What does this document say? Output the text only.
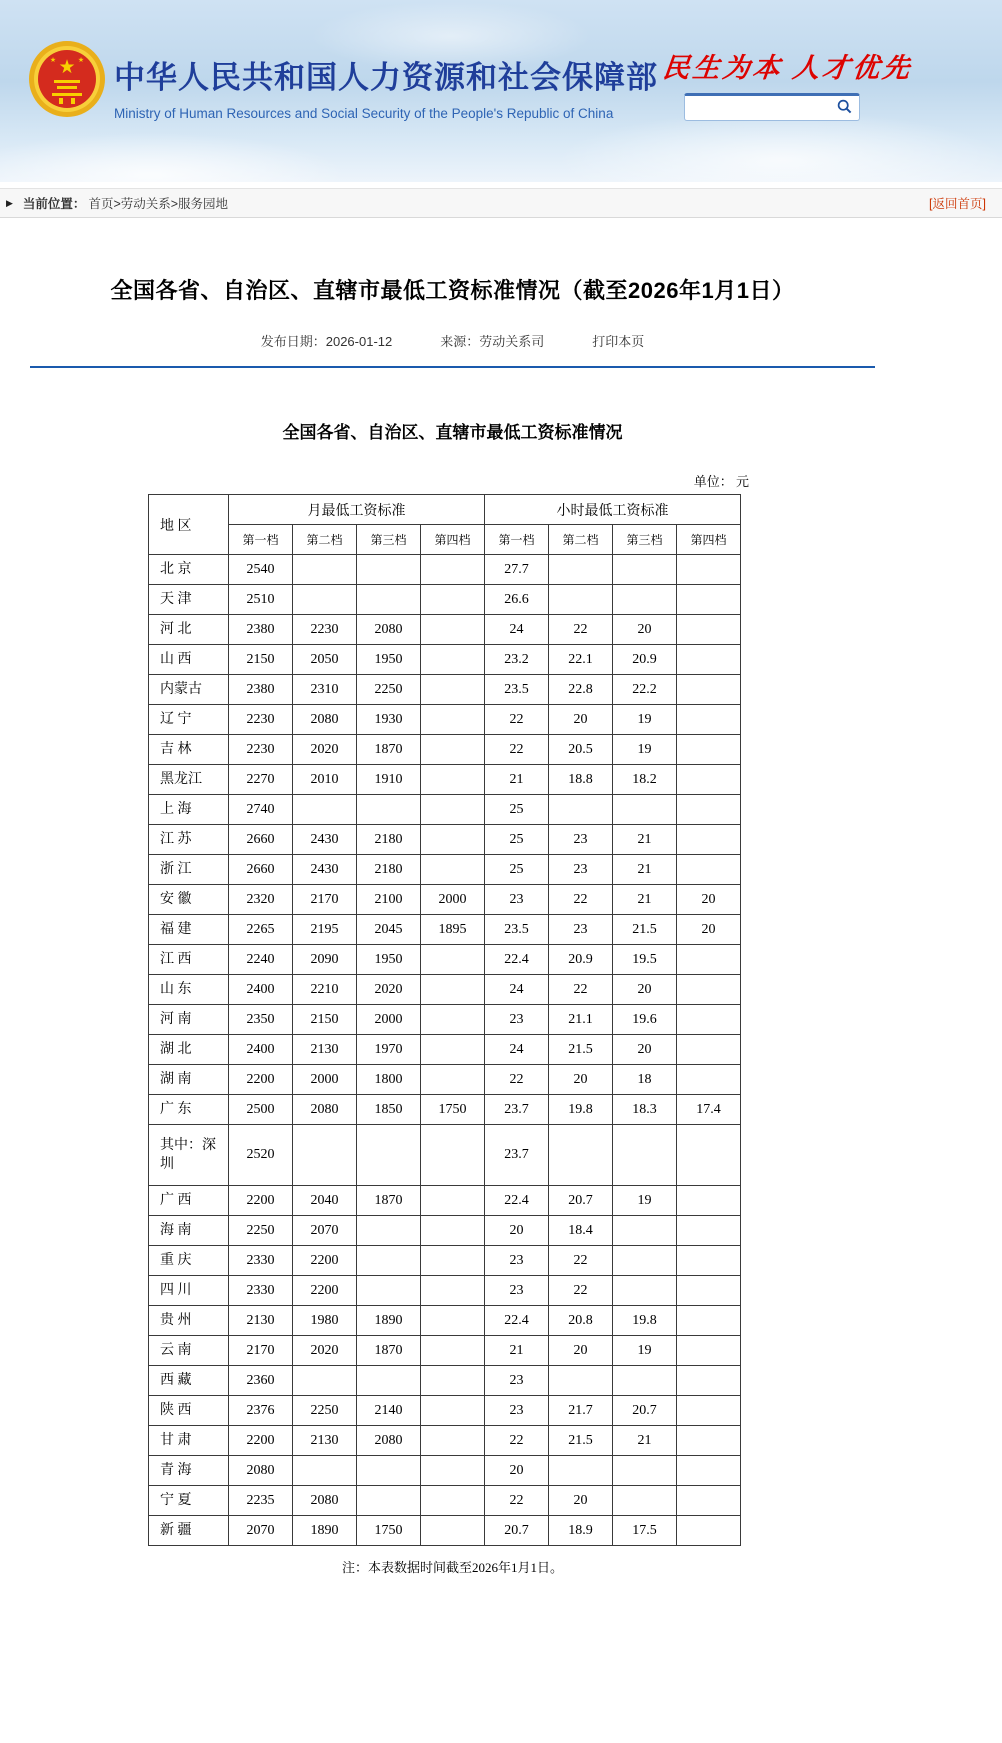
★
★	★ 中华人民共和国人力资源和社会保障部
Ministry of Human Resources and Social Security of the People's Republic of China
民生为本 人才优先
▶ 当前位置： 首页>劳动关系>服务园地	[返回首页]
全国各省、自治区、直辖市最低工资标准情况（截至2026年1月1日）
发布日期：2026-01-12	来源：劳动关系司	打印本页
全国各省、自治区、直辖市最低工资标准情况
单位： 元
地 区	月最低工资标准				小时最低工资标准			
	第一档	第二档	第三档	第四档	第一档	第二档	第三档	第四档
北 京	2540				27.7			
天 津	2510				26.6			
河 北	2380	2230	2080		24	22	20	
山 西	2150	2050	1950		23.2	22.1	20.9	
内蒙古	2380	2310	2250		23.5	22.8	22.2	
辽 宁	2230	2080	1930		22	20	19	
吉 林	2230	2020	1870		22	20.5	19	
黑龙江	2270	2010	1910		21	18.8	18.2	
上 海	2740				25			
江 苏	2660	2430	2180		25	23	21	
浙 江	2660	2430	2180		25	23	21	
安 徽	2320	2170	2100	2000	23	22	21	20
福 建	2265	2195	2045	1895	23.5	23	21.5	20
江 西	2240	2090	1950		22.4	20.9	19.5	
山 东	2400	2210	2020		24	22	20	
河 南	2350	2150	2000		23	21.1	19.6	
湖 北	2400	2130	1970		24	21.5	20	
湖 南	2200	2000	1800		22	20	18	
广 东	2500	2080	1850	1750	23.7	19.8	18.3	17.4
其中：深圳	2520				23.7			
广 西	2200	2040	1870		22.4	20.7	19	
海 南	2250	2070			20	18.4		
重 庆	2330	2200			23	22		
四 川	2330	2200			23	22		
贵 州	2130	1980	1890		22.4	20.8	19.8	
云 南	2170	2020	1870		21	20	19	
西 藏	2360				23			
陕 西	2376	2250	2140		23	21.7	20.7	
甘 肃	2200	2130	2080		22	21.5	21	
青 海	2080				20			
宁 夏	2235	2080			22	20		
新 疆	2070	1890	1750		20.7	18.9	17.5	
注：本表数据时间截至2026年1月1日。
